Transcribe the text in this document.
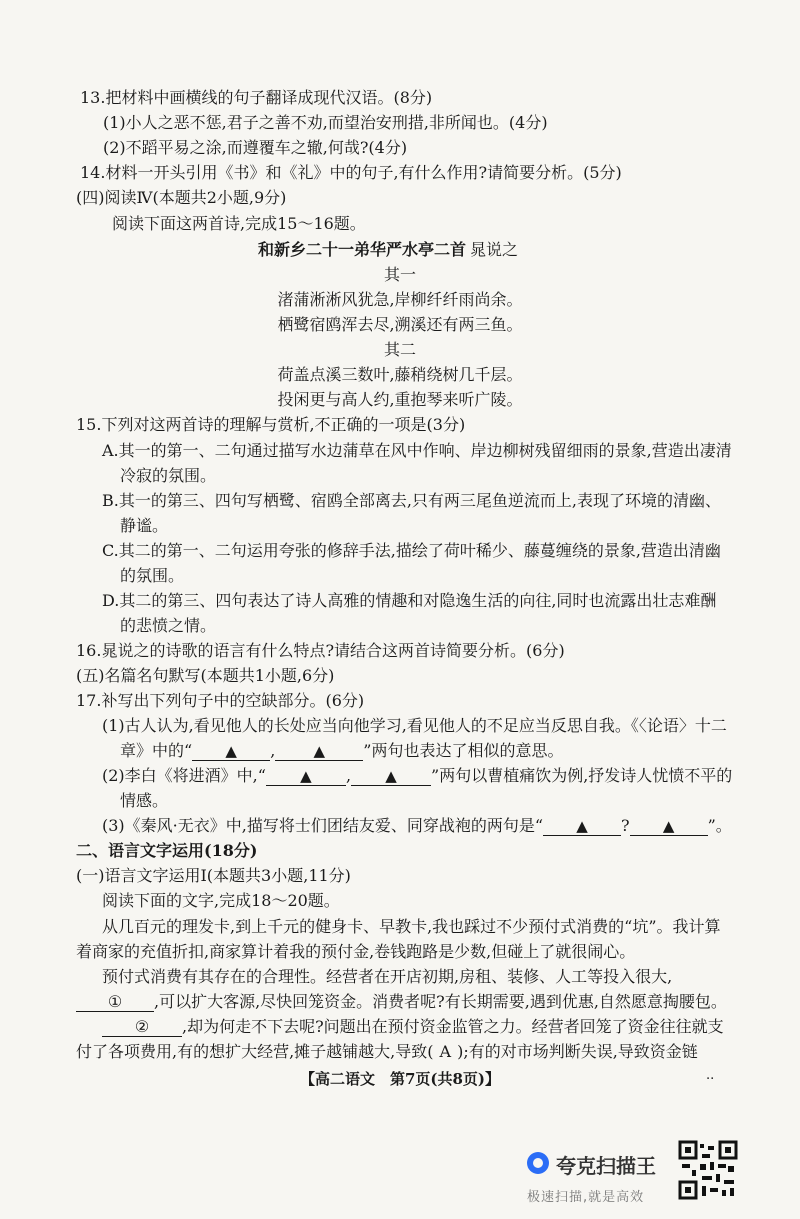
13.把材料中画横线的句子翻译成现代汉语。(8分)
(1)小人之恶不惩,君子之善不劝,而望治安刑措,非所闻也。(4分)
(2)不蹈平易之涂,而遵覆车之辙,何哉?(4分)
14.材料一开头引用《书》和《礼》中的句子,有什么作用?请简要分析。(5分)
(四)阅读Ⅳ(本题共2小题,9分)
阅读下面这两首诗,完成15～16题。
和新乡二十一弟华严水亭二首 晁说之
其一
渚蒲淅淅风犹急,岸柳纤纤雨尚余。
栖鹭宿鸥浑去尽,溯溪还有两三鱼。
其二
荷盖点溪三数叶,藤稍绕树几千层。
投闲更与高人约,重抱琴来听广陵。
15.下列对这两首诗的理解与赏析,不正确的一项是(3分)
A.其一的第一、二句通过描写水边蒲草在风中作响、岸边柳树残留细雨的景象,营造出凄清
冷寂的氛围。
B.其一的第三、四句写栖鹭、宿鸥全部离去,只有两三尾鱼逆流而上,表现了环境的清幽、
静谧。
C.其二的第一、二句运用夸张的修辞手法,描绘了荷叶稀少、藤蔓缠绕的景象,营造出清幽
的氛围。
D.其二的第三、四句表达了诗人高雅的情趣和对隐逸生活的向往,同时也流露出壮志难酬
的悲愤之情。
16.晁说之的诗歌的语言有什么特点?请结合这两首诗简要分析。(6分)
(五)名篇名句默写(本题共1小题,6分)
17.补写出下列句子中的空缺部分。(6分)
(1)古人认为,看见他人的长处应当向他学习,看见他人的不足应当反思自我。《〈论语〉十二
章》中的“ ▲ ,	▲ ”两句也表达了相似的意思。
(2)李白《将进酒》中,“ ▲ , ▲ ”两句以曹植痛饮为例,抒发诗人忧愤不平的
情感。
(3)《秦风·无衣》中,描写将士们团结友爱、同穿战袍的两句是“ ▲ ? ▲ ”。
二、语言文字运用(18分)
(一)语言文字运用Ⅰ(本题共3小题,11分)
阅读下面的文字,完成18～20题。
从几百元的理发卡,到上千元的健身卡、早教卡,我也踩过不少预付式消费的“坑”。我计算
着商家的充值折扣,商家算计着我的预付金,卷钱跑路是少数,但碰上了就很闹心。
预付式消费有其存在的合理性。经营者在开店初期,房租、装修、人工等投入很大,
① ,可以扩大客源,尽快回笼资金。消费者呢?有长期需要,遇到优惠,自然愿意掏腰包。
② ,却为何走不下去呢?问题出在预付资金监管之力。经营者回笼了资金往往就支
付了各项费用,有的想扩大经营,摊子越铺越大,导致( A );有的对市场判断失误,导致资金链
【高二语文　第7页(共8页)】	..
夸克扫描王
极速扫描,就是高效
